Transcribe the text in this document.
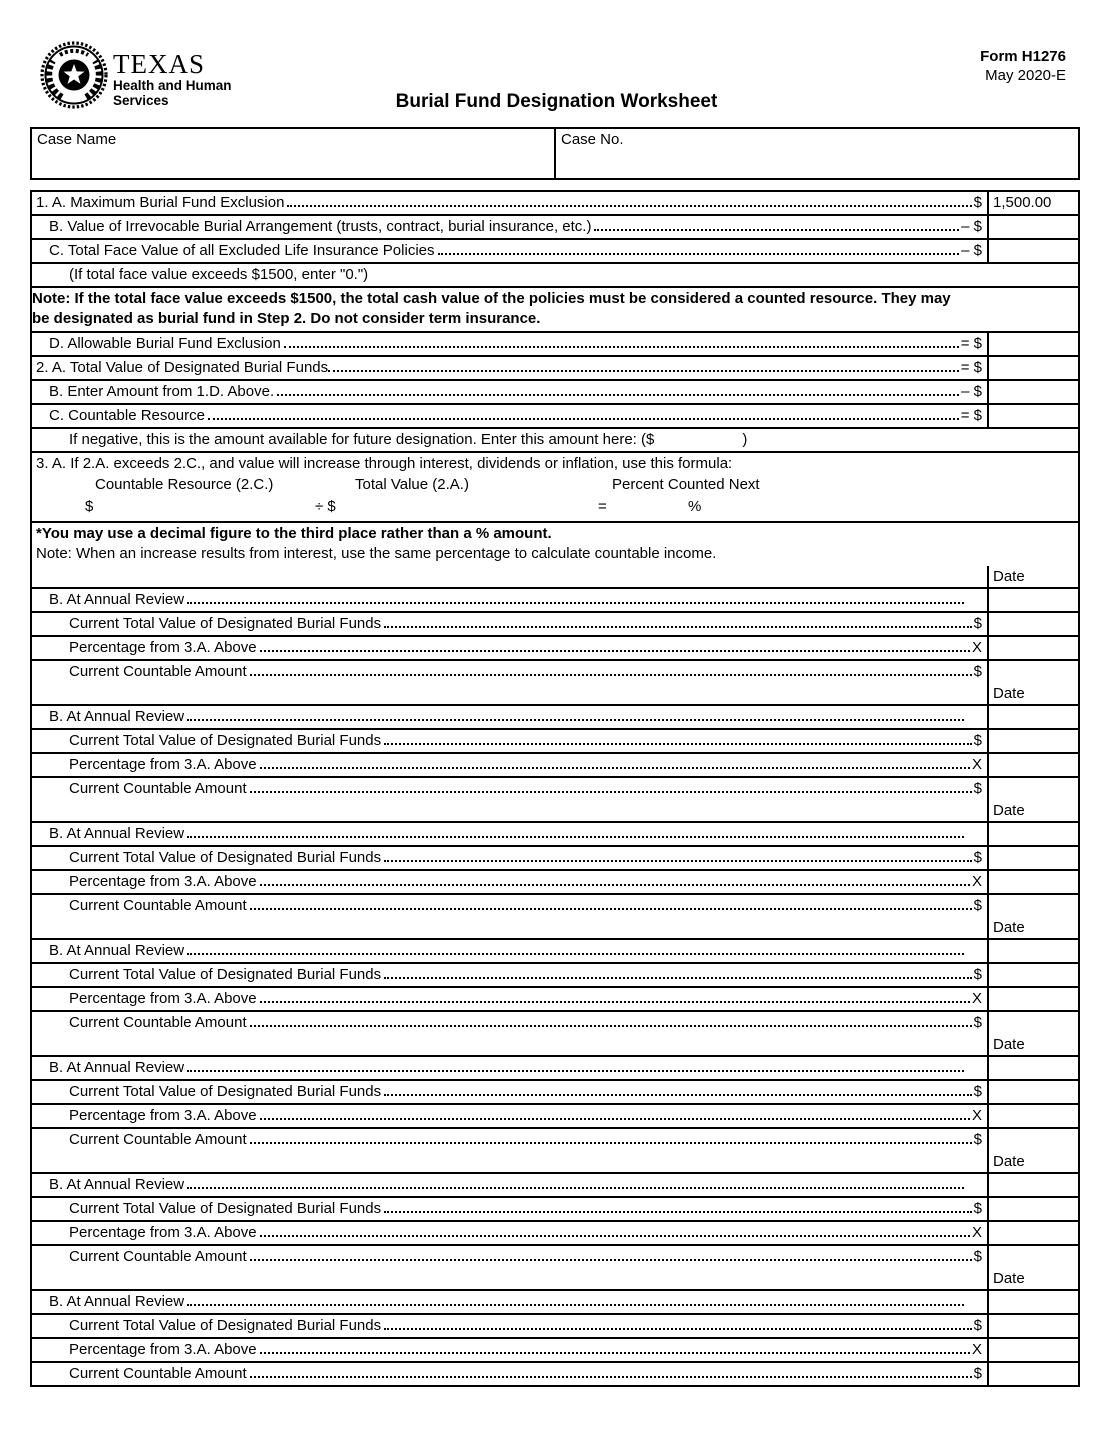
TEXAS
Health and Human
Services
Form H1276
May 2020-E
Burial Fund Designation Worksheet
Case Name	Case No.
1. A. Maximum Burial Fund Exclusion	$ 1,500.00
B. Value of Irrevocable Burial Arrangement (trusts, contract, burial insurance, etc.)	– $
C. Total Face Value of all Excluded Life Insurance Policies	– $
(If total face value exceeds $1500, enter "0.")
Note: If the total face value exceeds $1500, the total cash value of the policies must be considered a counted resource. They may be designated as burial fund in Step 2. Do not consider term insurance.
D. Allowable Burial Fund Exclusion	= $
2. A. Total Value of Designated Burial Funds	= $
B. Enter Amount from 1.D. Above.	– $
C. Countable Resource	= $
If negative, this is the amount available for future designation. Enter this amount here: ($	)
3. A. If 2.A. exceeds 2.C., and value will increase through interest, dividends or inflation, use this formula:
Countable Resource (2.C.)	Total Value (2.A.)	Percent Counted Next
$	÷ $	=	%
*You may use a decimal figure to the third place rather than a % amount.
Note: When an increase results from interest, use the same percentage to calculate countable income.
Date
B. At Annual Review
Current Total Value of Designated Burial Funds	$
Percentage from 3.A. Above	X
Current Countable Amount	$
Date
B. At Annual Review
Current Total Value of Designated Burial Funds	$
Percentage from 3.A. Above	X
Current Countable Amount	$
Date
B. At Annual Review
Current Total Value of Designated Burial Funds	$
Percentage from 3.A. Above	X
Current Countable Amount	$
Date
B. At Annual Review
Current Total Value of Designated Burial Funds	$
Percentage from 3.A. Above	X
Current Countable Amount	$
Date
B. At Annual Review
Current Total Value of Designated Burial Funds	$
Percentage from 3.A. Above	X
Current Countable Amount	$
Date
B. At Annual Review
Current Total Value of Designated Burial Funds	$
Percentage from 3.A. Above	X
Current Countable Amount	$
Date
B. At Annual Review
Current Total Value of Designated Burial Funds	$
Percentage from 3.A. Above	X
Current Countable Amount	$
